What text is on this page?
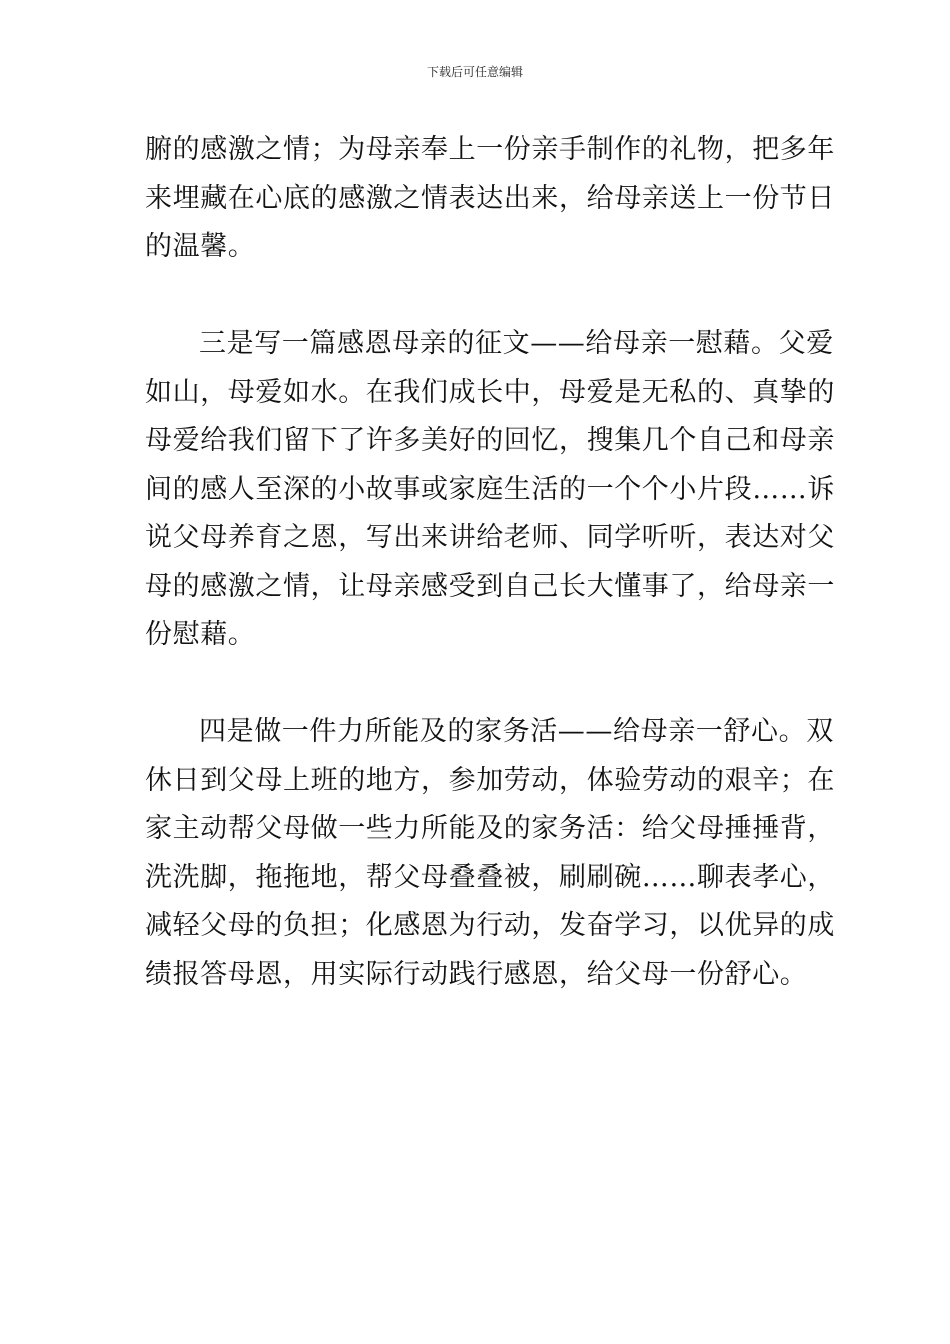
下载后可任意编辑
腑的感激之情；为母亲奉上一份亲手制作的礼物，把多年
来埋藏在心底的感激之情表达出来，给母亲送上一份节日
的温馨。
三是写一篇感恩母亲的征文——给母亲一慰藉。父爱
如山，母爱如水。在我们成长中，母爱是无私的、真挚的
母爱给我们留下了许多美好的回忆，搜集几个自己和母亲
间的感人至深的小故事或家庭生活的一个个小片段……诉
说父母养育之恩，写出来讲给老师、同学听听，表达对父
母的感激之情，让母亲感受到自己长大懂事了，给母亲一
份慰藉。
四是做一件力所能及的家务活——给母亲一舒心。双
休日到父母上班的地方，参加劳动，体验劳动的艰辛；在
家主动帮父母做一些力所能及的家务活：给父母捶捶背，
洗洗脚，拖拖地，帮父母叠叠被，刷刷碗……聊表孝心，
减轻父母的负担；化感恩为行动，发奋学习，以优异的成
绩报答母恩，用实际行动践行感恩，给父母一份舒心。
